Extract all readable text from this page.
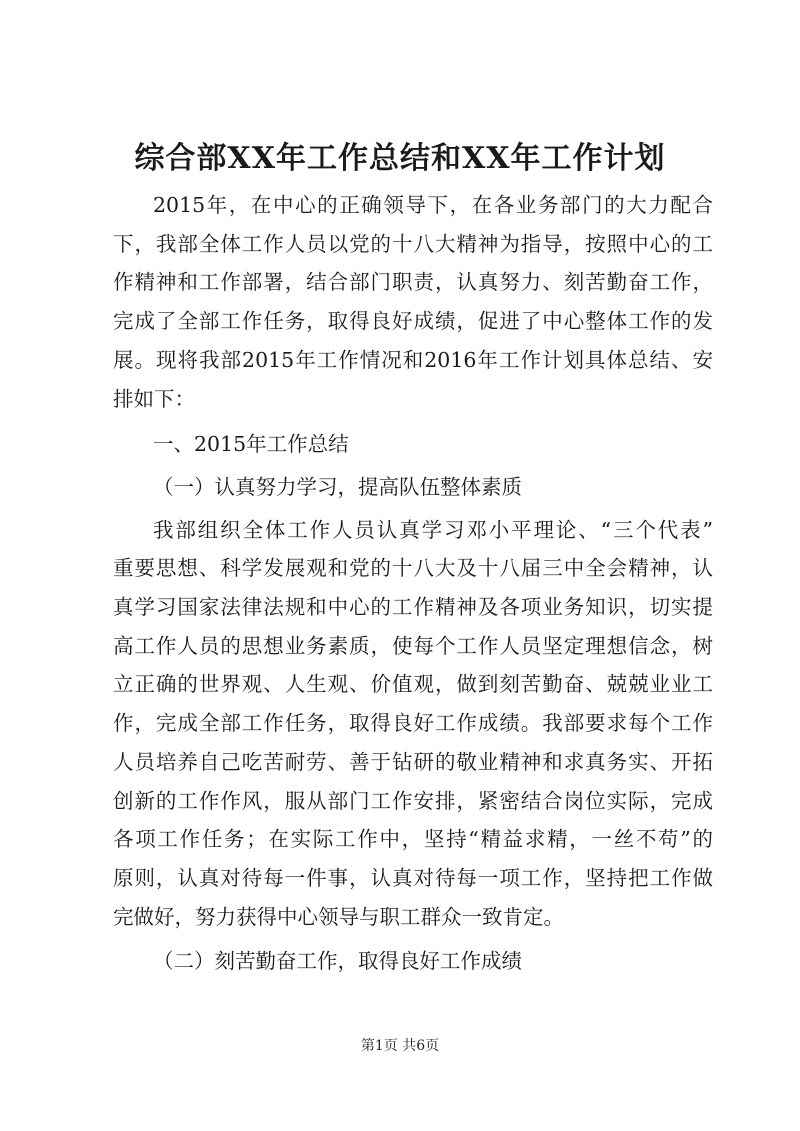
综合部XX年工作总结和XX年工作计划
2015年，在中心的正确领导下，在各业务部门的大力配合
下，我部全体工作人员以党的十八大精神为指导，按照中心的工
作精神和工作部署，结合部门职责，认真努力、刻苦勤奋工作，
完成了全部工作任务，取得良好成绩，促进了中心整体工作的发
展。现将我部2015年工作情况和2016年工作计划具体总结、安
排如下：
一、2015年工作总结
（一）认真努力学习，提高队伍整体素质
我部组织全体工作人员认真学习邓小平理论、“三个代表”
重要思想、科学发展观和党的十八大及十八届三中全会精神，认
真学习国家法律法规和中心的工作精神及各项业务知识，切实提
高工作人员的思想业务素质，使每个工作人员坚定理想信念，树
立正确的世界观、人生观、价值观，做到刻苦勤奋、兢兢业业工
作，完成全部工作任务，取得良好工作成绩。我部要求每个工作
人员培养自己吃苦耐劳、善于钻研的敬业精神和求真务实、开拓
创新的工作作风，服从部门工作安排，紧密结合岗位实际，完成
各项工作任务；在实际工作中，坚持“精益求精，一丝不苟”的
原则，认真对待每一件事，认真对待每一项工作，坚持把工作做
完做好，努力获得中心领导与职工群众一致肯定。
（二）刻苦勤奋工作，取得良好工作成绩
第1页 共6页
